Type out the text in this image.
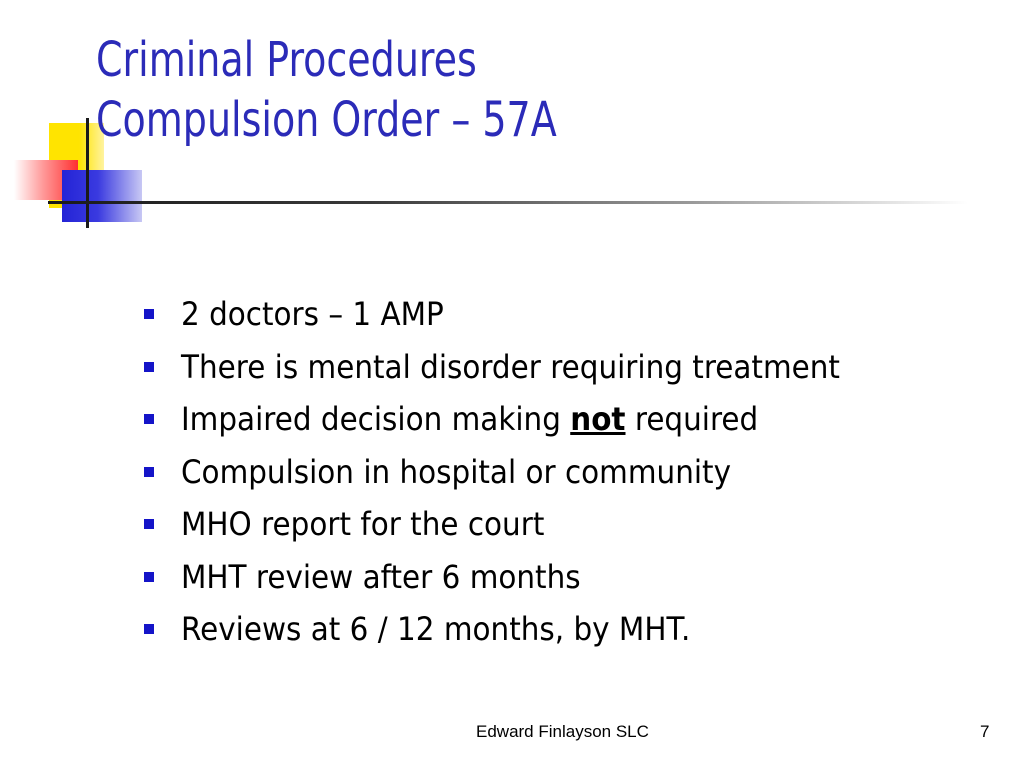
Criminal Procedures
Compulsion Order – 57A
2 doctors – 1 AMP
There is mental disorder requiring treatment
Impaired decision making not required
Compulsion in hospital or community
MHO report for the court
MHT review after 6 months
Reviews at 6 / 12 months, by MHT.
Edward Finlayson SLC	7
